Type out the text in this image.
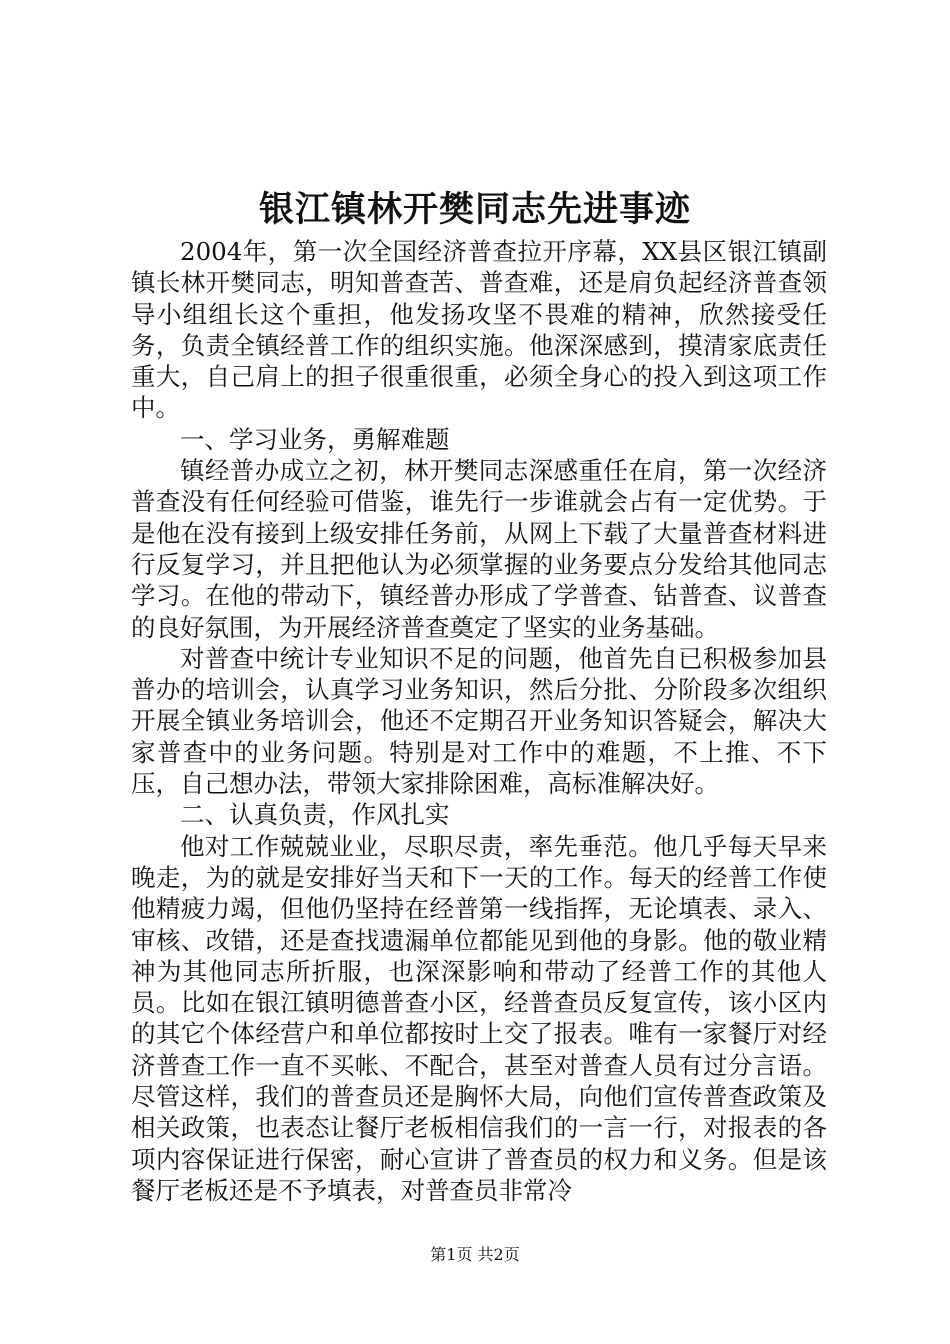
银江镇林开樊同志先进事迹

2004年，第一次全国经济普查拉开序幕，XX县区银江镇副镇长林开樊同志，明知普查苦、普查难，还是肩负起经济普查领导小组组长这个重担，他发扬攻坚不畏难的精神，欣然接受任务，负责全镇经普工作的组织实施。他深深感到，摸清家底责任重大，自己肩上的担子很重很重，必须全身心的投入到这项工作中。

一、学习业务，勇解难题

镇经普办成立之初，林开樊同志深感重任在肩，第一次经济普查没有任何经验可借鉴，谁先行一步谁就会占有一定优势。于是他在没有接到上级安排任务前，从网上下载了大量普查材料进行反复学习，并且把他认为必须掌握的业务要点分发给其他同志学习。在他的带动下，镇经普办形成了学普查、钻普查、议普查的良好氛围，为开展经济普查奠定了坚实的业务基础。

对普查中统计专业知识不足的问题，他首先自已积极参加县普办的培训会，认真学习业务知识，然后分批、分阶段多次组织开展全镇业务培训会，他还不定期召开业务知识答疑会，解决大家普查中的业务问题。特别是对工作中的难题，不上推、不下压，自己想办法，带领大家排除困难，高标准解决好。

二、认真负责，作风扎实

他对工作兢兢业业，尽职尽责，率先垂范。他几乎每天早来晚走，为的就是安排好当天和下一天的工作。每天的经普工作使他精疲力竭，但他仍坚持在经普第一线指挥，无论填表、录入、审核、改错，还是查找遗漏单位都能见到他的身影。他的敬业精神为其他同志所折服，也深深影响和带动了经普工作的其他人员。比如在银江镇明德普查小区，经普查员反复宣传，该小区内的其它个体经营户和单位都按时上交了报表。唯有一家餐厅对经济普查工作一直不买帐、不配合，甚至对普查人员有过分言语。尽管这样，我们的普查员还是胸怀大局，向他们宣传普查政策及相关政策，也表态让餐厅老板相信我们的一言一行，对报表的各项内容保证进行保密，耐心宣讲了普查员的权力和义务。但是该餐厅老板还是不予填表，对普查员非常冷

第1页 共2页
